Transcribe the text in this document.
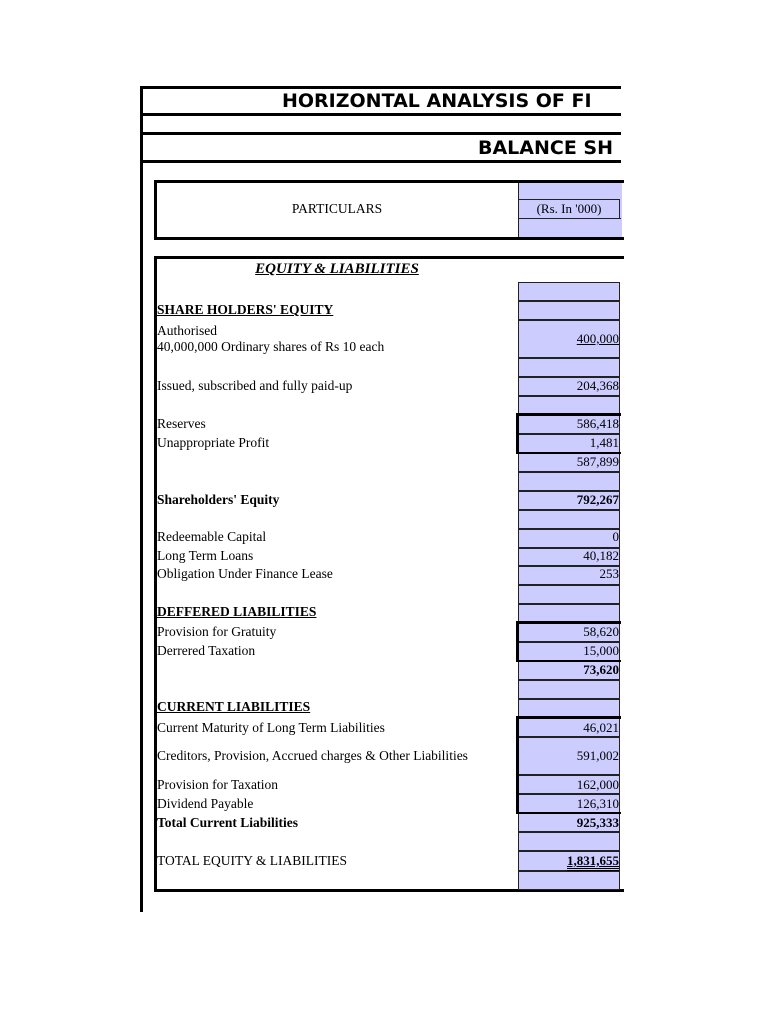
HORIZONTAL ANALYSIS OF FI
BALANCE SH
PARTICULARS	(Rs. In '000)
EQUITY & LIABILITIES
SHARE HOLDERS' EQUITY
Authorised
40,000,000 Ordinary shares of Rs 10 each
Issued, subscribed and fully paid-up
Reserves
Unappropriate Profit
Shareholders' Equity
Redeemable Capital
Long Term Loans
Obligation Under Finance Lease
DEFFERED LIABILITIES
Provision for Gratuity
Derrered Taxation
CURRENT LIABILITIES
Current Maturity of Long Term Liabilities
Creditors, Provision, Accrued charges & Other Liabilities
Provision for Taxation
Dividend Payable
Total Current Liabilities
TOTAL EQUITY & LIABILITIES
400,000
204,368
586,418
1,481
587,899
792,267
0
40,182
253
58,620
15,000
73,620
46,021
591,002
162,000
126,310
925,333
1,831,655
